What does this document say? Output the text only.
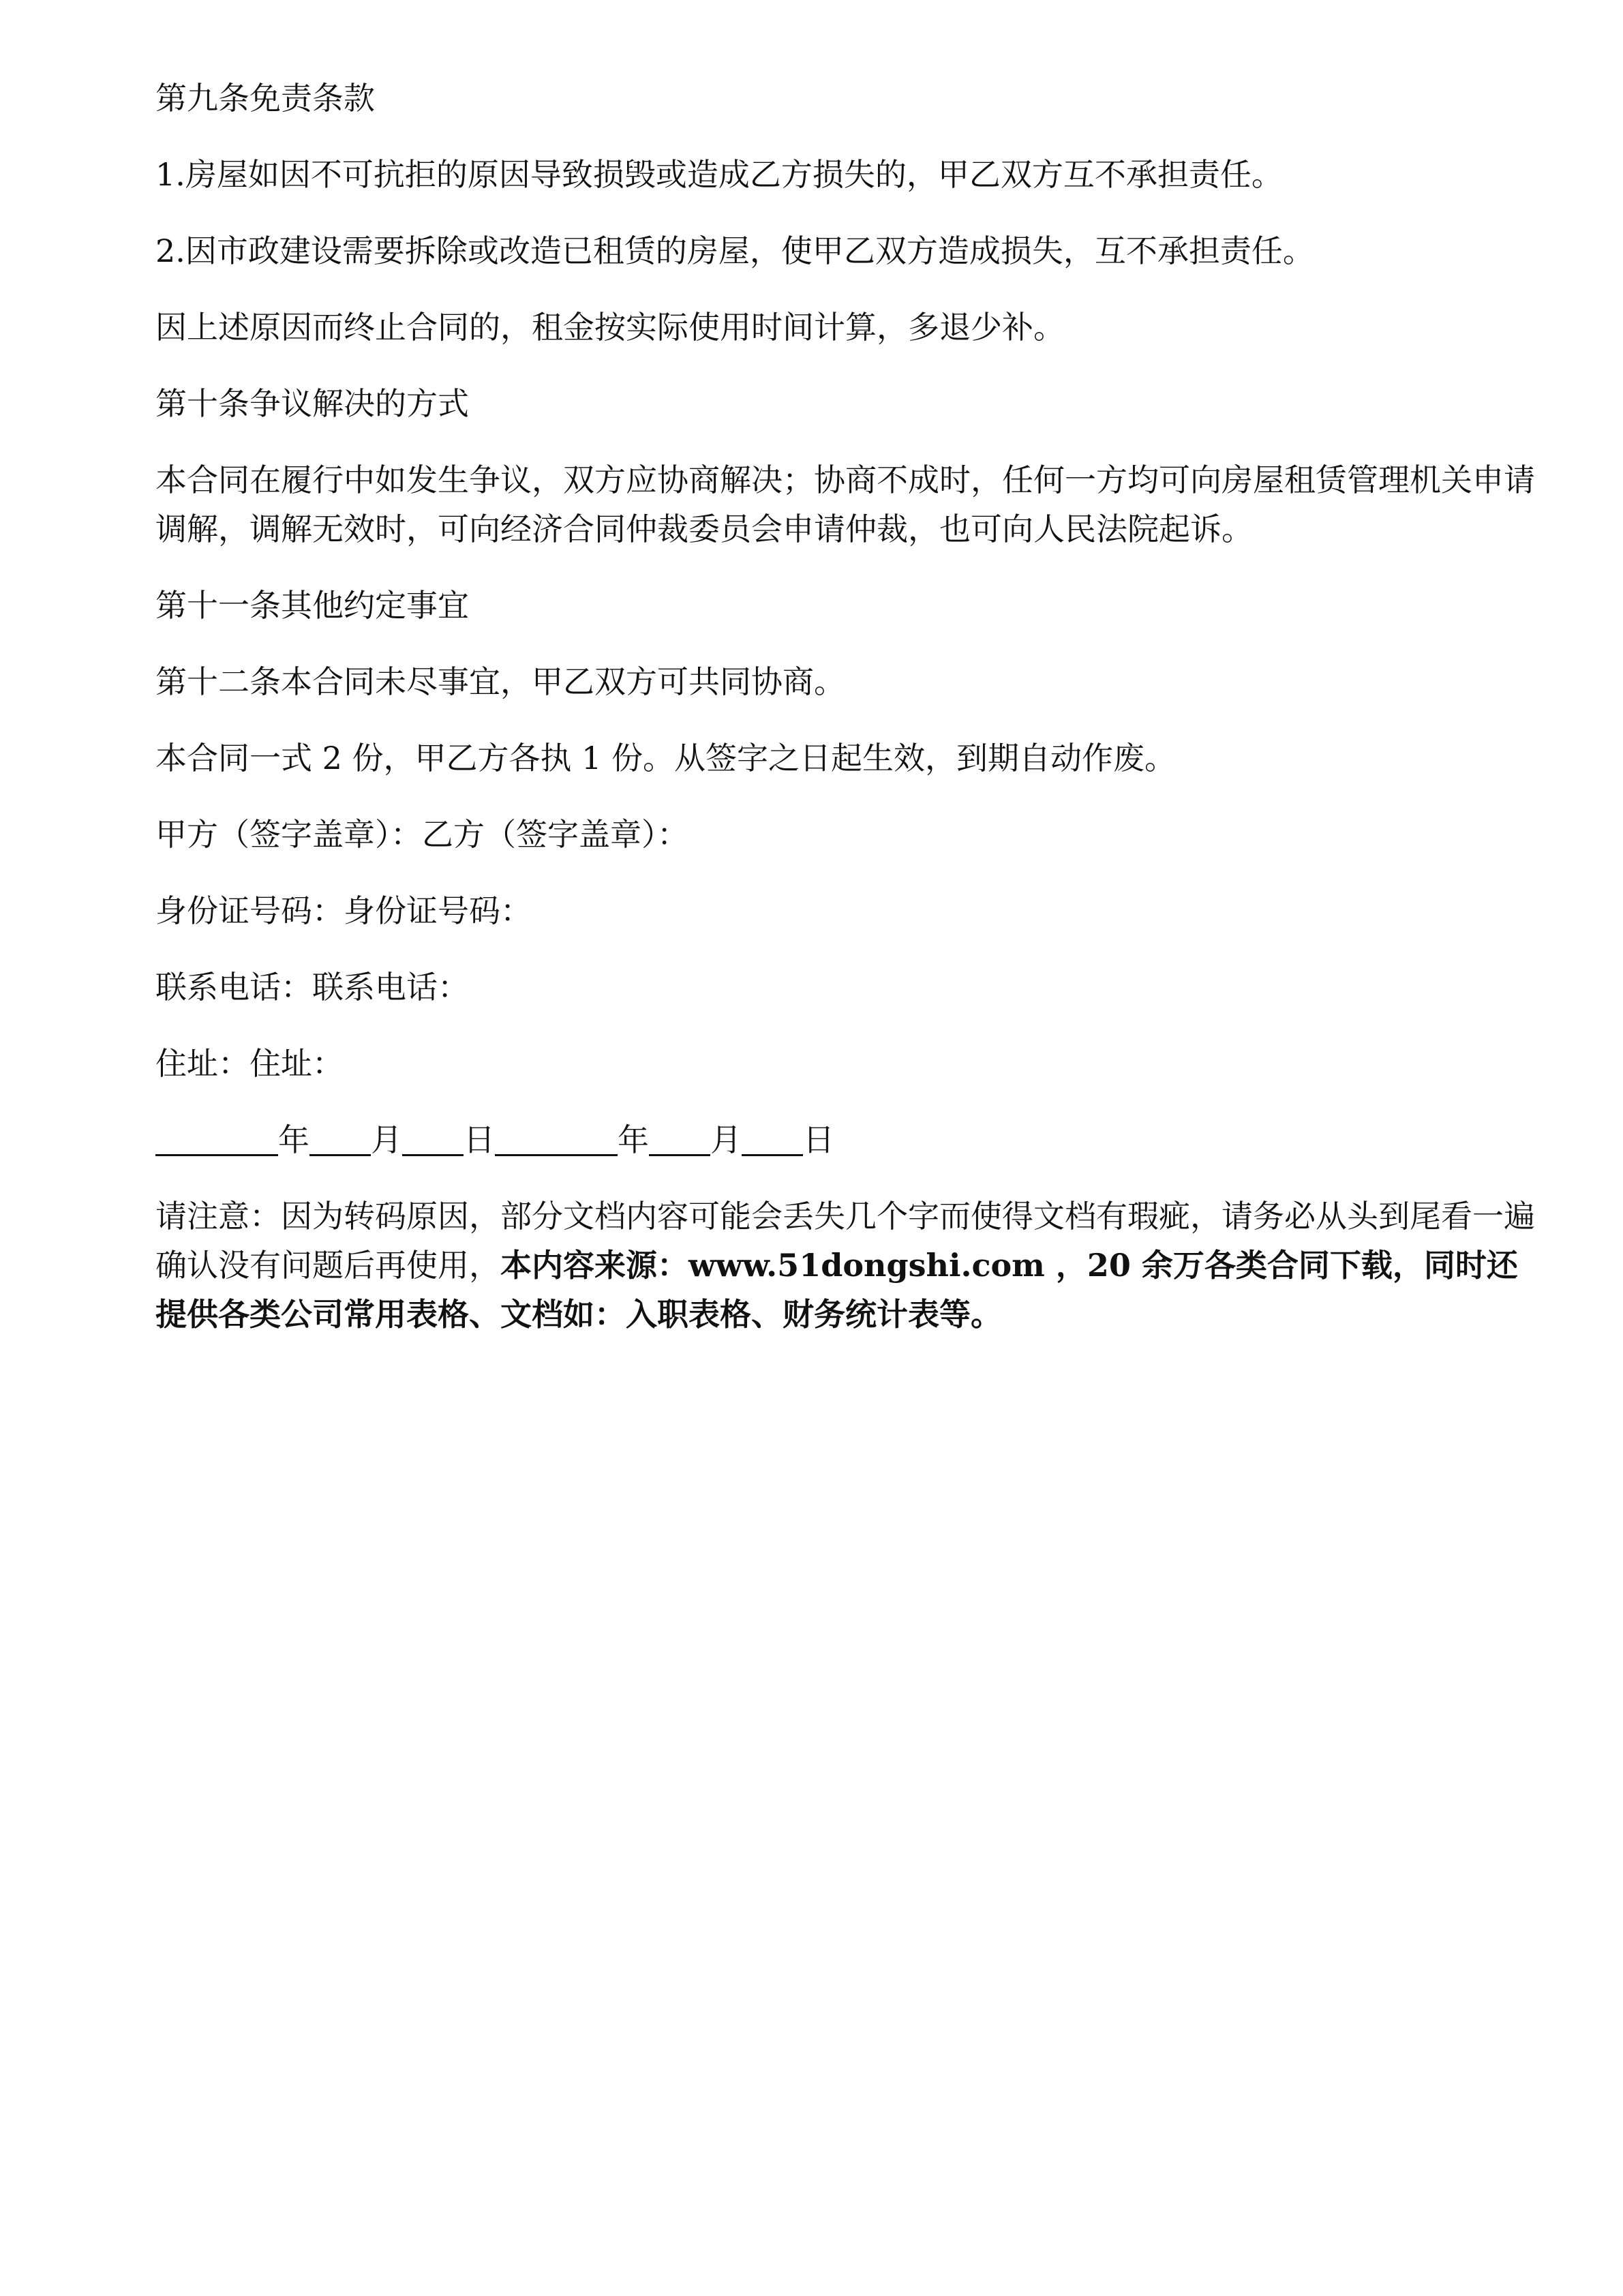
第九条免责条款

1.房屋如因不可抗拒的原因导致损毁或造成乙方损失的，甲乙双方互不承担责任。

2.因市政建设需要拆除或改造已租赁的房屋，使甲乙双方造成损失，互不承担责任。

因上述原因而终止合同的，租金按实际使用时间计算，多退少补。

第十条争议解决的方式

本合同在履行中如发生争议，双方应协商解决；协商不成时，任何一方均可向房屋租赁管理机关申请调解，调解无效时，可向经济合同仲裁委员会申请仲裁，也可向人民法院起诉。

第十一条其他约定事宜

第十二条本合同未尽事宜，甲乙双方可共同协商。

本合同一式 2 份，甲乙方各执 1 份。从签字之日起生效，到期自动作废。

甲方（签字盖章）：乙方（签字盖章）：

身份证号码：身份证号码：

联系电话：联系电话：

住址：住址：

年 月 日	年 月 日

请注意：因为转码原因，部分文档内容可能会丢失几个字而使得文档有瑕疵，请务必从头到尾看一遍确认没有问题后再使用，本内容来源：www.51dongshi.com ，20 余万各类合同下载，同时还提供各类公司常用表格、文档如：入职表格、财务统计表等。
